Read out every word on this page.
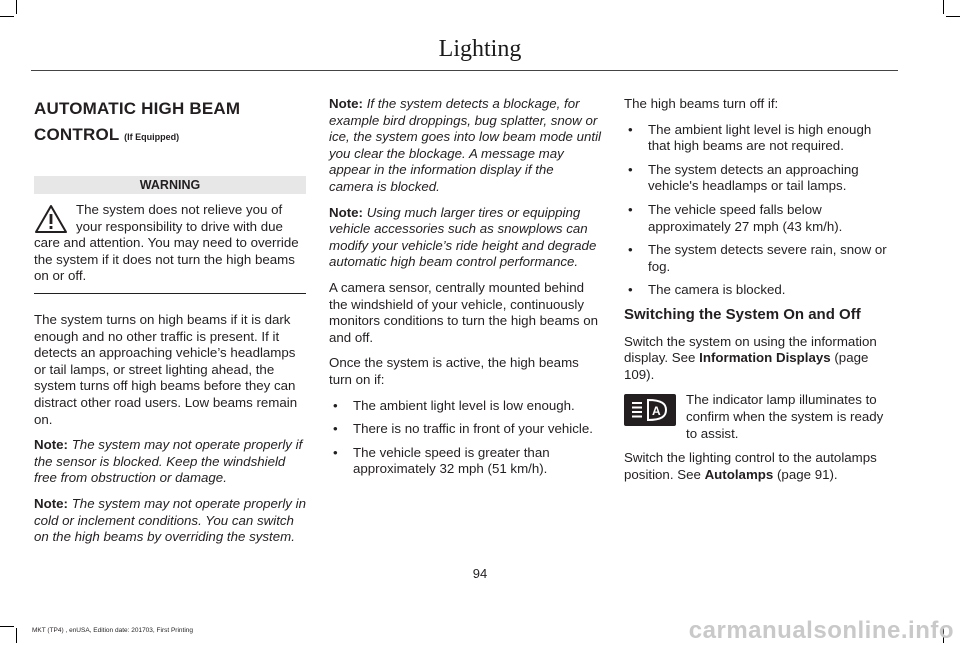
Lighting
AUTOMATIC HIGH BEAM
CONTROL (If Equipped)
WARNING
The system does not relieve you of your responsibility to drive with due care and attention. You may need to override the system if it does not turn the high beams on or off.

The system turns on high beams if it is dark enough and no other traffic is present. If it detects an approaching vehicle’s headlamps or tail lamps, or street lighting ahead, the system turns off high beams before they can distract other road users. Low beams remain on.

Note: The system may not operate properly if the sensor is blocked. Keep the windshield free from obstruction or damage.

Note: The system may not operate properly in cold or inclement conditions. You can switch on the high beams by overriding the system.

Note: If the system detects a blockage, for example bird droppings, bug splatter, snow or ice, the system goes into low beam mode until you clear the blockage. A message may appear in the information display if the camera is blocked.

Note: Using much larger tires or equipping vehicle accessories such as snowplows can modify your vehicle’s ride height and degrade automatic high beam control performance.

A camera sensor, centrally mounted behind the windshield of your vehicle, continuously monitors conditions to turn the high beams on and off.

Once the system is active, the high beams turn on if:

• The ambient light level is low enough.
• There is no traffic in front of your vehicle.
• The vehicle speed is greater than approximately 32 mph (51 km/h).

The high beams turn off if:

• The ambient light level is high enough that high beams are not required.
• The system detects an approaching vehicle's headlamps or tail lamps.
• The vehicle speed falls below approximately 27 mph (43 km/h).
• The system detects severe rain, snow or fog.
• The camera is blocked.
Switching the System On and Off

Switch the system on using the information display. See Information Displays (page 109).

A
The indicator lamp illuminates to confirm when the system is ready to assist.

Switch the lighting control to the autolamps position. See Autolamps (page 91).

94
MKT (TP4) , enUSA, Edition date: 201703, First Printing	carmanualsonline.info
